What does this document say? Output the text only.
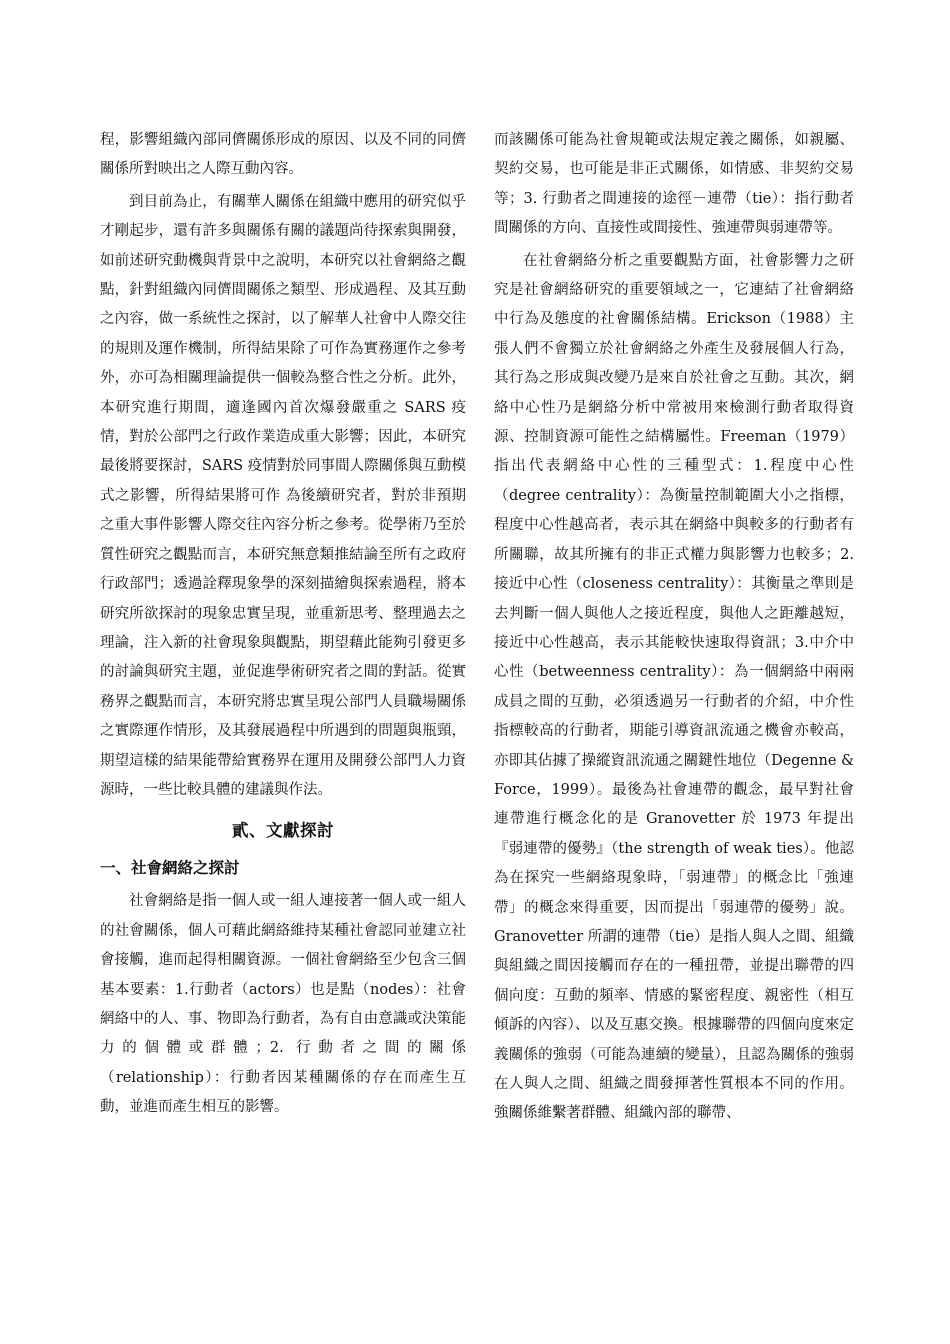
程，影響組織內部同儕關係形成的原因、以及不同的同儕關係所對映出之人際互動內容。

到目前為止，有關華人關係在組織中應用的研究似乎才剛起步，還有許多與關係有關的議題尚待探索與開發，如前述研究動機與背景中之說明，本研究以社會網絡之觀點，針對組織內同儕間關係之類型、形成過程、及其互動之內容，做一系統性之探討，以了解華人社會中人際交往的規則及運作機制，所得結果除了可作為實務運作之參考外，亦可為相關理論提供一個較為整合性之分析。此外，本研究進行期間，適逢國內首次爆發嚴重之 SARS 疫情，對於公部門之行政作業造成重大影響；因此，本研究最後將要探討，SARS 疫情對於同事間人際關係與互動模式之影響，所得結果將可作 為後續研究者，對於非預期之重大事件影響人際交往內容分析之參考。從學術乃至於質性研究之觀點而言，本研究無意類推結論至所有之政府行政部門；透過詮釋現象學的深刻描繪與探索過程，將本研究所欲探討的現象忠實呈現，並重新思考、整理過去之理論，注入新的社會現象與觀點，期望藉此能夠引發更多的討論與研究主題，並促進學術研究者之間的對話。從實務界之觀點而言，本研究將忠實呈現公部門人員職場關係之實際運作情形，及其發展過程中所遇到的問題與瓶頸，期望這樣的結果能帶給實務界在運用及開發公部門人力資源時，一些比較具體的建議與作法。

貳、文獻探討
一、社會網絡之探討

社會網絡是指一個人或一組人連接著一個人或一組人的社會關係，個人可藉此網絡維持某種社會認同並建立社會接觸，進而起得相關資源。一個社會網絡至少包含三個基本要素：1.行動者（actors）也是點（nodes）：社會網絡中的人、事、物即為行動者，為有自由意識或決策能力的個體或群體；2. 行動者之間的關係（relationship）：行動者因某種關係的存在而產生互動，並進而產生相互的影響。

而該關係可能為社會規範或法規定義之關係，如親屬、契約交易，也可能是非正式關係，如情感、非契約交易等；3. 行動者之間連接的途徑－連帶（tie）：指行動者間關係的方向、直接性或間接性、強連帶與弱連帶等。

在社會網絡分析之重要觀點方面，社會影響力之研究是社會網絡研究的重要領域之一，它連結了社會網絡中行為及態度的社會關係結構。Erickson（1988）主張人們不會獨立於社會網絡之外產生及發展個人行為，其行為之形成與改變乃是來自於社會之互動。其次，網絡中心性乃是網絡分析中常被用來檢測行動者取得資源、控制資源可能性之結構屬性。Freeman（1979）指出代表網絡中心性的三種型式：1.程度中心性（degree centrality）：為衡量控制範圍大小之指標，程度中心性越高者，表示其在網絡中與較多的行動者有所關聯，故其所擁有的非正式權力與影響力也較多；2.接近中心性（closeness centrality）：其衡量之準則是去判斷一個人與他人之接近程度，與他人之距離越短，接近中心性越高，表示其能較快速取得資訊；3.中介中心性（betweenness centrality）：為一個網絡中兩兩成員之間的互動，必須透過另一行動者的介紹，中介性指標較高的行動者，期能引導資訊流通之機會亦較高，亦即其佔據了操縱資訊流通之關鍵性地位（Degenne & Force，1999）。最後為社會連帶的觀念，最早對社會連帶進行概念化的是 Granovetter 於 1973 年提出『弱連帶的優勢』（the strength of weak ties）。他認為在探究一些網絡現象時，「弱連帶」的概念比「強連帶」的概念來得重要，因而提出「弱連帶的優勢」說。Granovetter 所謂的連帶（tie）是指人與人之間、組織與組織之間因接觸而存在的一種扭帶，並提出聯帶的四個向度：互動的頻率、情感的緊密程度、親密性（相互傾訴的內容）、以及互惠交換。根據聯帶的四個向度來定義關係的強弱（可能為連續的變量），且認為關係的強弱在人與人之間、組織之間發揮著性質根本不同的作用。強關係維繫著群體、組織內部的聯帶、
